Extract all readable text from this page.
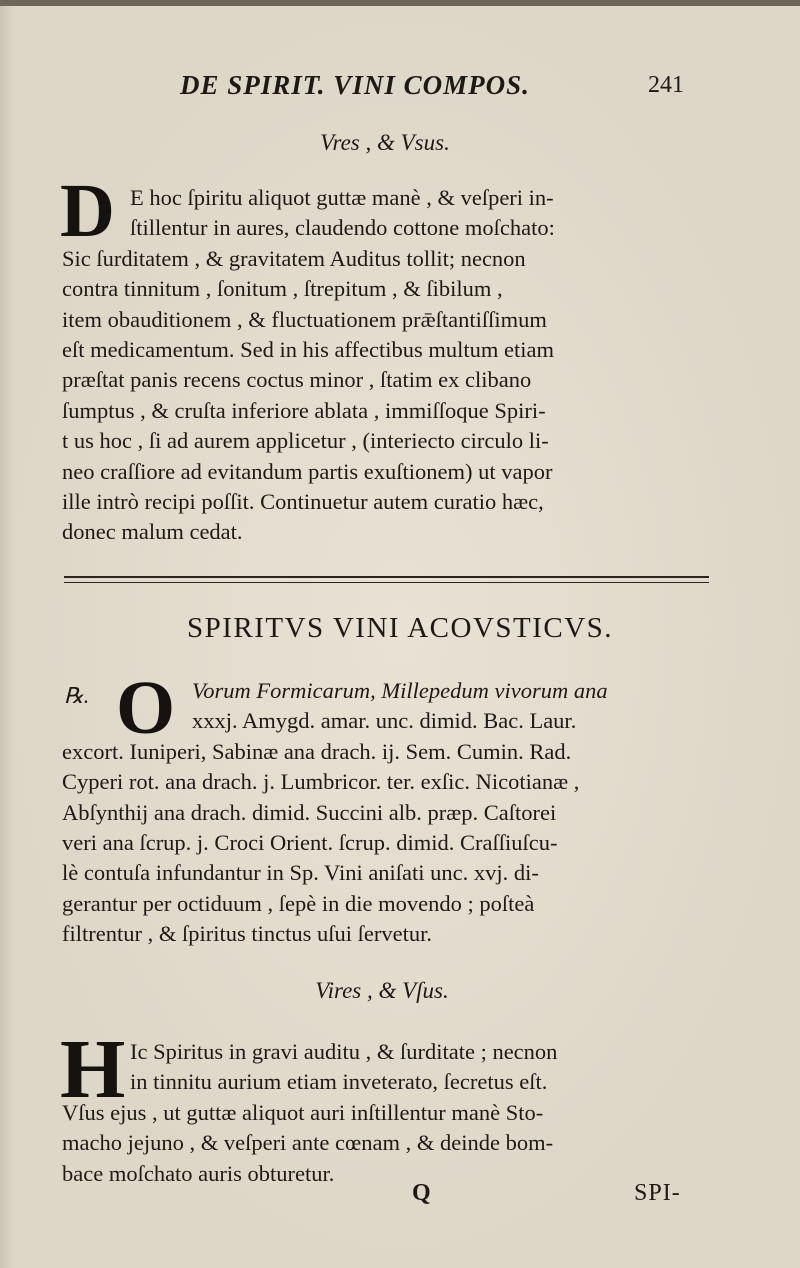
DE SPIRIT. VINI COMPOS.	241
Vres , & Vsus.
D E hoc ſpiritu aliquot guttæ manè , & veſperi in-
ſtillentur in aures, claudendo cottone moſchato:
Sic ſurditatem , & gravitatem Auditus tollit; necnon
contra tinnitum , ſonitum , ſtrepitum , & ſibilum ,
item obauditionem , & fluctuationem prǣſtantiſſimum
eſt medicamentum. Sed in his affectibus multum etiam
præſtat panis recens coctus minor , ſtatim ex clibano
ſumptus , & cruſta inferiore ablata , immiſſoque Spiri-
t us hoc , ſi ad aurem applicetur , (interiecto circulo li-
neo craſſiore ad evitandum partis exuſtionem) ut vapor
ille intrò recipi poſſit. Continuetur autem curatio hæc,
donec malum cedat.
SPIRITVS VINI ACOVSTICVS.
℞. O Vorum Formicarum, Millepedum vivorum ana
xxxj. Amygd. amar. unc. dimid. Bac. Laur.
excort. Iuniperi, Sabinæ ana drach. ij. Sem. Cumin. Rad.
Cyperi rot. ana drach. j. Lumbricor. ter. exſic. Nicotianæ ,
Abſynthij ana drach. dimid. Succini alb. præp. Caſtorei
veri ana ſcrup. j. Croci Orient. ſcrup. dimid. Craſſiuſcu-
lè contuſa infundantur in Sp. Vini aniſati unc. xvj. di-
gerantur per octiduum , ſepè in die movendo ; poſteà
filtrentur , & ſpiritus tinctus uſui ſervetur.
Vires , & Vſus.
H Ic Spiritus in gravi auditu , & ſurditate ; necnon
in tinnitu aurium etiam inveterato, ſecretus eſt.
Vſus ejus , ut guttæ aliquot auri inſtillentur manè Sto-
macho jejuno , & veſperi ante cœnam , & deinde bom-
bace moſchato auris obturetur.
Q	SPI-
